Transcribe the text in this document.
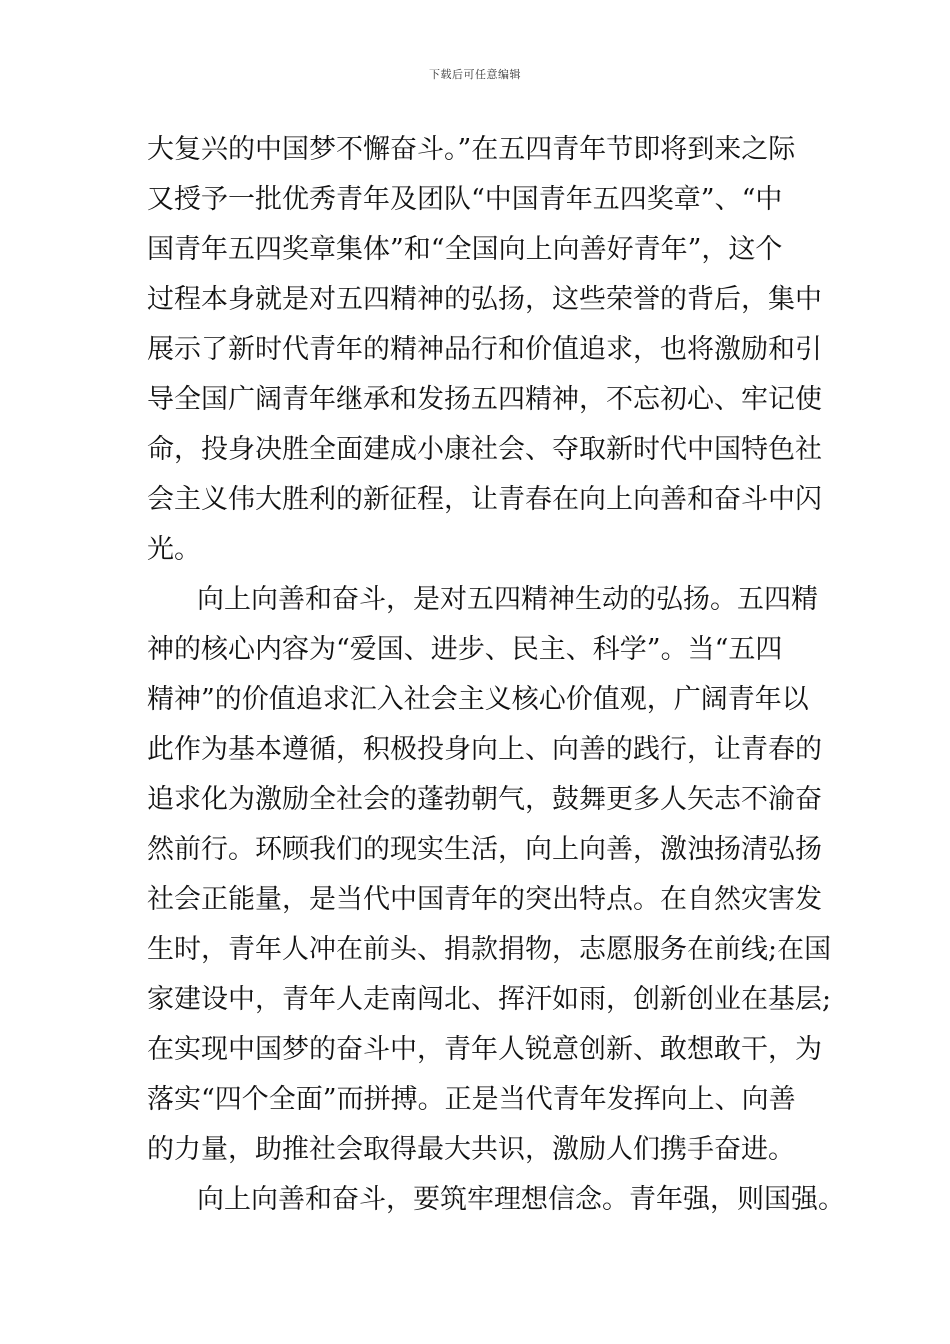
下载后可任意编辑
大复兴的中国梦不懈奋斗。”在五四青年节即将到来之际
又授予一批优秀青年及团队“中国青年五四奖章”、“中
国青年五四奖章集体”和“全国向上向善好青年”，这个
过程本身就是对五四精神的弘扬，这些荣誉的背后，集中
展示了新时代青年的精神品行和价值追求，也将激励和引
导全国广阔青年继承和发扬五四精神，不忘初心、牢记使
命，投身决胜全面建成小康社会、夺取新时代中国特色社
会主义伟大胜利的新征程，让青春在向上向善和奋斗中闪
光。
向上向善和奋斗，是对五四精神生动的弘扬。五四精
神的核心内容为“爱国、进步、民主、科学”。当“五四
精神”的价值追求汇入社会主义核心价值观，广阔青年以
此作为基本遵循，积极投身向上、向善的践行，让青春的
追求化为激励全社会的蓬勃朝气，鼓舞更多人矢志不渝奋
然前行。环顾我们的现实生活，向上向善，激浊扬清弘扬
社会正能量，是当代中国青年的突出特点。在自然灾害发
生时，青年人冲在前头、捐款捐物，志愿服务在前线;在国
家建设中，青年人走南闯北、挥汗如雨，创新创业在基层;
在实现中国梦的奋斗中，青年人锐意创新、敢想敢干，为
落实“四个全面”而拼搏。正是当代青年发挥向上、向善
的力量，助推社会取得最大共识，激励人们携手奋进。
向上向善和奋斗，要筑牢理想信念。青年强，则国强。
